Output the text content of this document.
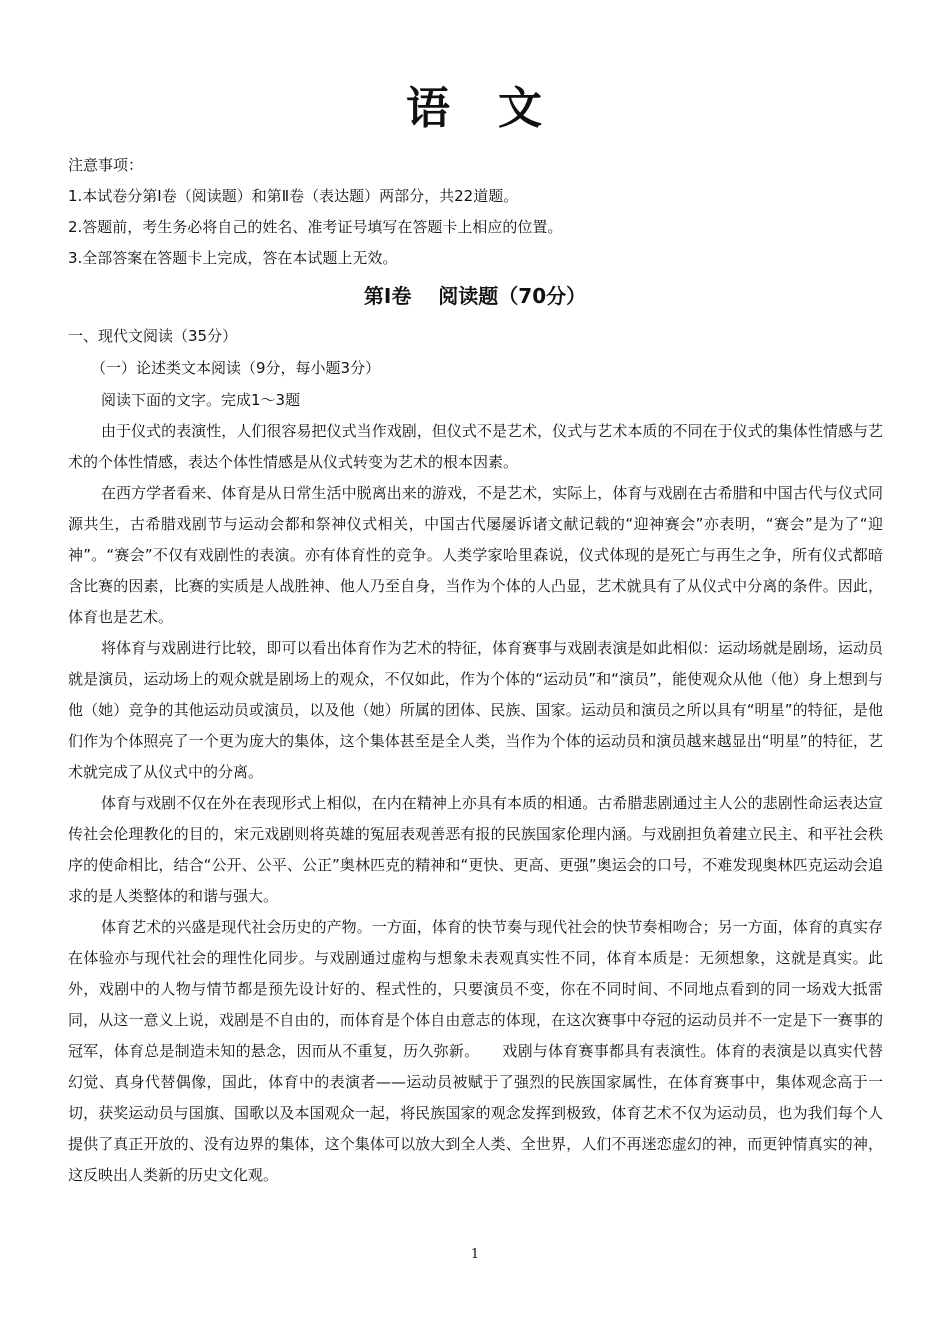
语　文
注意事项：
1.本试卷分第Ⅰ卷（阅读题）和第Ⅱ卷（表达题）两部分，共22道题。
2.答题前，考生务必将自己的姓名、准考证号填写在答题卡上相应的位置。
3.全部答案在答题卡上完成，答在本试题上无效。
第Ⅰ卷　 阅读题（70分）
一、现代文阅读（35分）
（一）论述类文本阅读（9分，每小题3分）
阅读下面的文字。完成1～3题

由于仪式的表演性，人们很容易把仪式当作戏剧，但仪式不是艺术，仪式与艺术本质的不同在于仪式的集体性情感与艺术的个体性情感，表达个体性情感是从仪式转变为艺术的根本因素。

在西方学者看来、体育是从日常生活中脱离出来的游戏，不是艺术，实际上，体育与戏剧在古希腊和中国古代与仪式同源共生，古希腊戏剧节与运动会都和祭神仪式相关，中国古代屡屡诉诸文献记载的“迎神赛会”亦表明，“赛会”是为了“迎神”。“赛会”不仅有戏剧性的表演。亦有体育性的竞争。人类学家哈里森说，仪式体现的是死亡与再生之争，所有仪式都暗含比赛的因素，比赛的实质是人战胜神、他人乃至自身，当作为个体的人凸显，艺术就具有了从仪式中分离的条件。因此，体育也是艺术。

将体育与戏剧进行比较，即可以看出体育作为艺术的特征，体育赛事与戏剧表演是如此相似：运动场就是剧场，运动员就是演员，运动场上的观众就是剧场上的观众，不仅如此，作为个体的“运动员”和“演员”，能使观众从他（他）身上想到与他（她）竞争的其他运动员或演员，以及他（她）所属的团体、民族、国家。运动员和演员之所以具有“明星”的特征，是他们作为个体照亮了一个更为庞大的集体，这个集体甚至是全人类，当作为个体的运动员和演员越来越显出“明星”的特征，艺术就完成了从仪式中的分离。

体育与戏剧不仅在外在表现形式上相似，在内在精神上亦具有本质的相通。古希腊悲剧通过主人公的悲剧性命运表达宣传社会伦理教化的目的，宋元戏剧则将英雄的冤屈表观善恶有报的民族国家伦理内涵。与戏剧担负着建立民主、和平社会秩序的使命相比，结合“公开、公平、公正”奥林匹克的精神和“更快、更高、更强”奥运会的口号，不难发现奥林匹克运动会追求的是人类整体的和谐与强大。

体育艺术的兴盛是现代社会历史的产物。一方面，体育的快节奏与现代社会的快节奏相吻合；另一方面，体育的真实存在体验亦与现代社会的理性化同步。与戏剧通过虚构与想象未表观真实性不同，体育本质是：无须想象，这就是真实。此外，戏剧中的人物与情节都是预先设计好的、程式性的，只要演员不变，你在不同时间、不同地点看到的同一场戏大抵雷同，从这一意义上说，戏剧是不自由的，而体育是个体自由意志的体现，在这次赛事中夺冠的运动员并不一定是下一赛事的冠军，体育总是制造未知的悬念，因而从不重复，历久弥新。　　戏剧与体育赛事都具有表演性。体育的表演是以真实代替幻觉、真身代替偶像，国此，体育中的表演者——运动员被赋于了强烈的民族国家属性，在体育赛事中，集体观念高于一切，获奖运动员与国旗、国歌以及本国观众一起，将民族国家的观念发挥到极致，体育艺术不仅为运动员，也为我们每个人提供了真正开放的、没有边界的集体，这个集体可以放大到全人类、全世界，人们不再迷恋虚幻的神，而更钟情真实的神，这反映出人类新的历史文化观。

1
